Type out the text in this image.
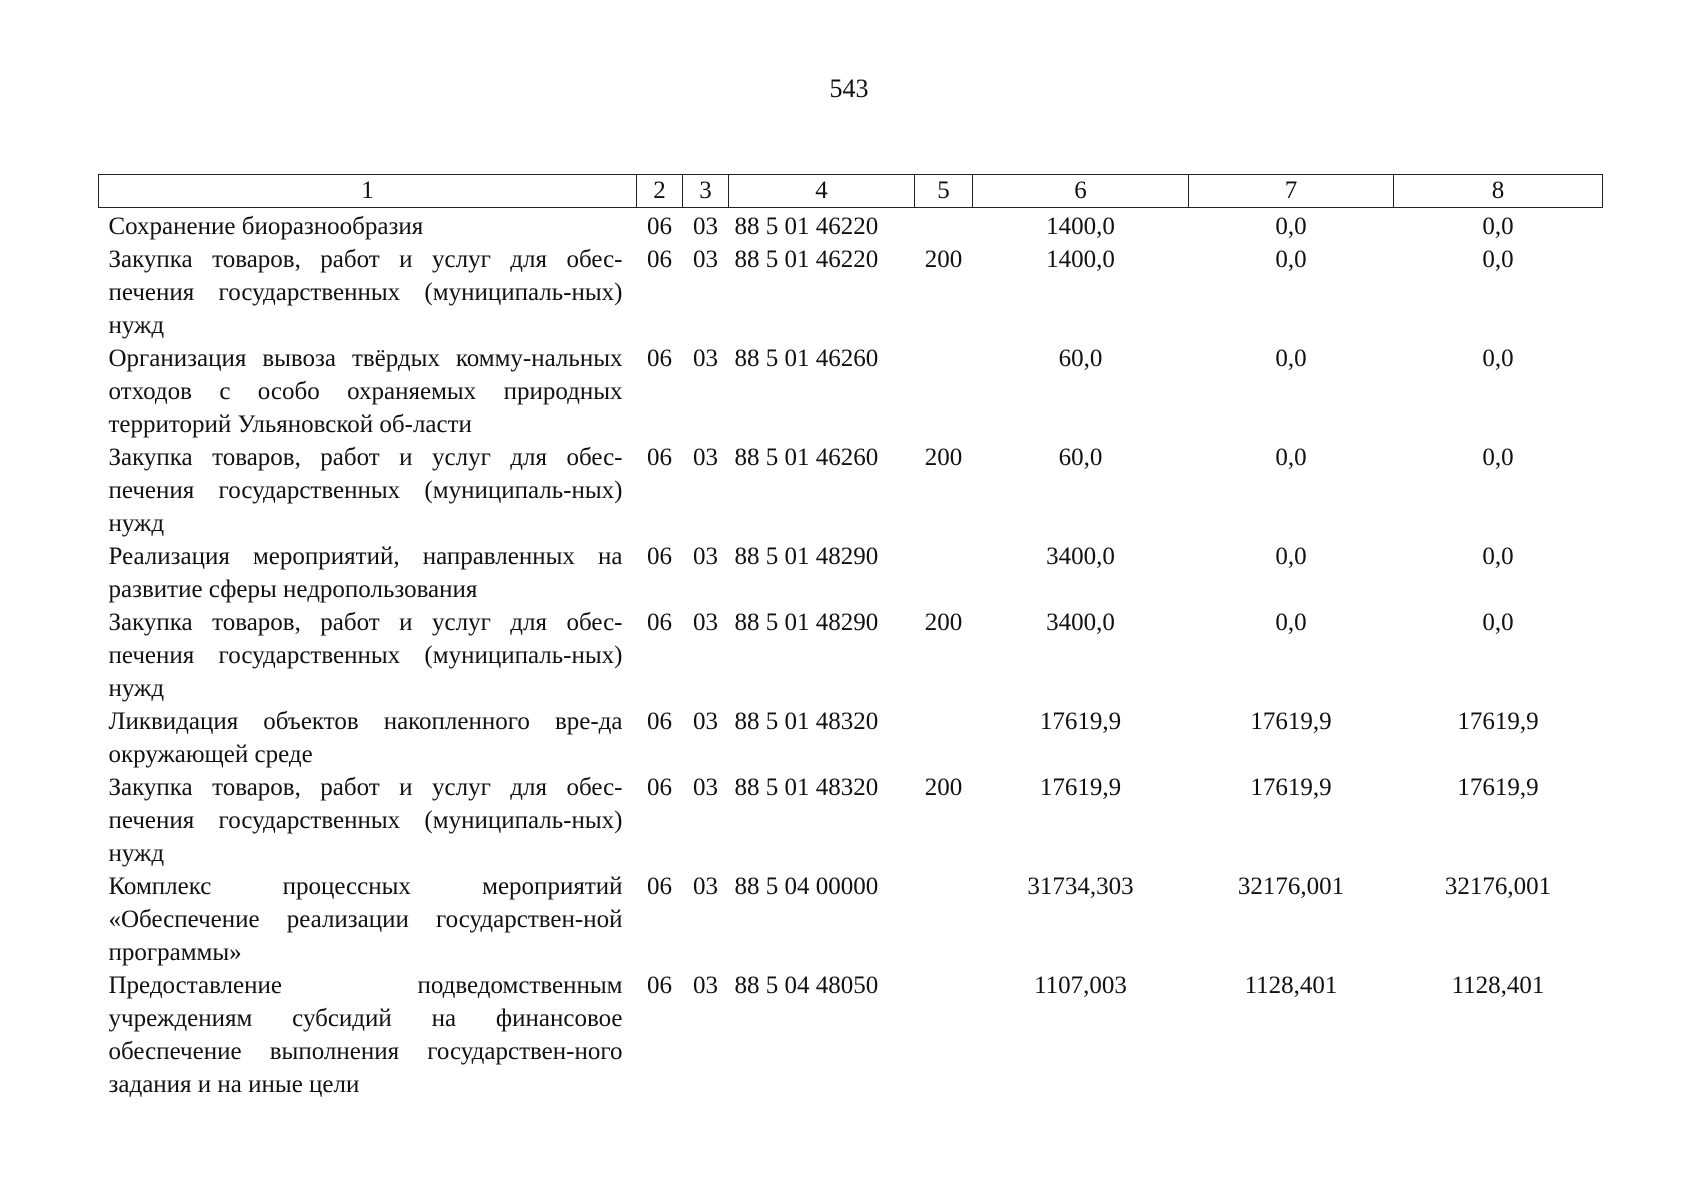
543
1	2	3	4	5	6	7	8
Сохранение биоразнообразия	06	03	88 5 01 46220		1400,0	0,0	0,0
Закупка товаров, работ и услуг для обес-печения государственных (муниципаль-ных) нужд	06	03	88 5 01 46220	200	1400,0	0,0	0,0
Организация вывоза твёрдых комму-нальных отходов с особо охраняемых природных территорий Ульяновской об-ласти	06	03	88 5 01 46260		60,0	0,0	0,0
Закупка товаров, работ и услуг для обес-печения государственных (муниципаль-ных) нужд	06	03	88 5 01 46260	200	60,0	0,0	0,0
Реализация мероприятий, направленных на развитие сферы недропользования	06	03	88 5 01 48290		3400,0	0,0	0,0
Закупка товаров, работ и услуг для обес-печения государственных (муниципаль-ных) нужд	06	03	88 5 01 48290	200	3400,0	0,0	0,0
Ликвидация объектов накопленного вре-да окружающей среде	06	03	88 5 01 48320		17619,9	17619,9	17619,9
Закупка товаров, работ и услуг для обес-печения государственных (муниципаль-ных) нужд	06	03	88 5 01 48320	200	17619,9	17619,9	17619,9
Комплекс процессных мероприятий «Обеспечение реализации государствен-ной программы»	06	03	88 5 04 00000		31734,303	32176,001	32176,001
Предоставление подведомственным учреждениям субсидий на финансовое обеспечение выполнения государствен-ного задания и на иные цели	06	03	88 5 04 48050		1107,003	1128,401	1128,401
